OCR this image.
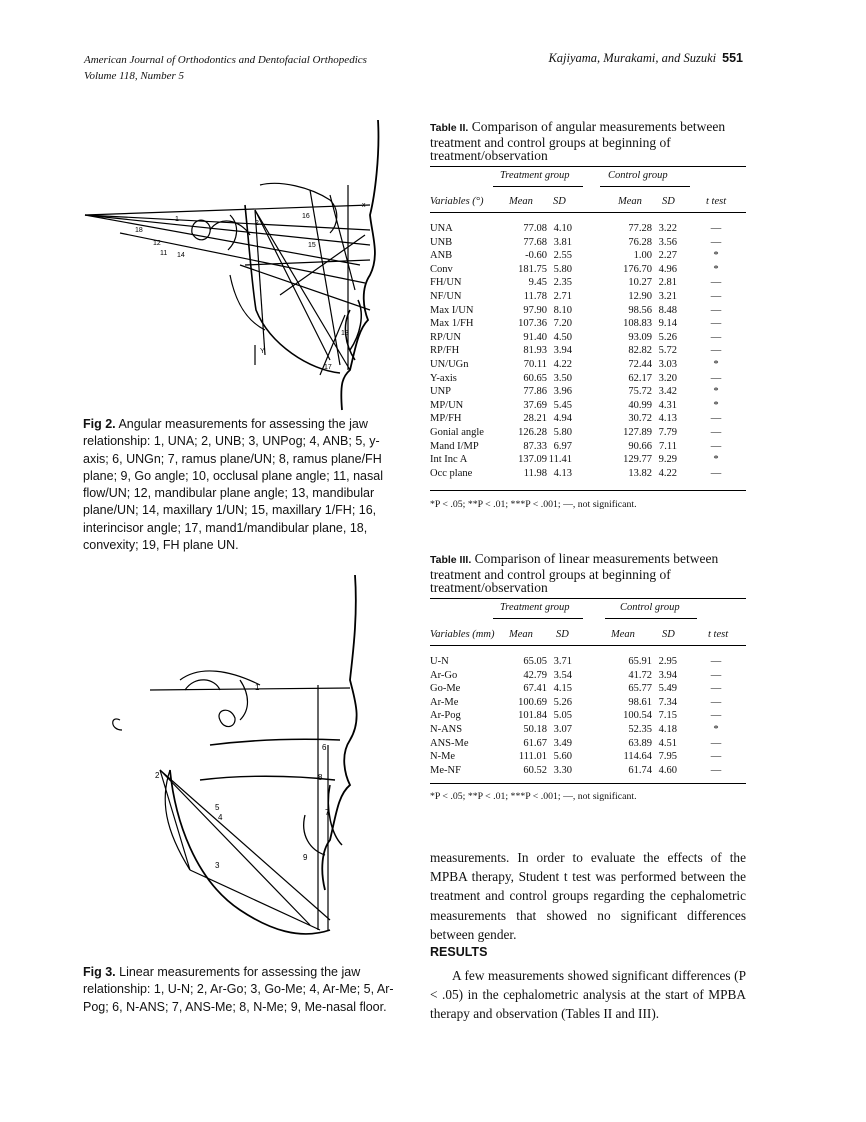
American Journal of Orthodontics and Dentofacial Orthopedics
Volume 118, Number 5
Kajiyama, Murakami, and Suzuki 551
x
16
18
12
11 14
15
13
17
Y
1
2
Fig 2. Angular measurements for assessing the jaw relationship: 1, UNA; 2, UNB; 3, UNPog; 4, ANB; 5, y-axis; 6, UNGn; 7, ramus plane/UN; 8, ramus plane/FH plane; 9, Go angle; 10, occlusal plane angle; 11, nasal flow/UN; 12, mandibular plane angle; 13, mandibular plane/UN; 14, maxillary 1/UN; 15, maxillary 1/FH; 16, interincisor angle; 17, mand1/mandibular plane, 18, convexity; 19, FH plane UN.
1
2
3
4
5
6
7
8
9
Fig 3. Linear measurements for assessing the jaw relationship: 1, U-N; 2, Ar-Go; 3, Go-Me; 4, Ar-Me; 5, Ar-Pog; 6, N-ANS; 7, ANS-Me; 8, N-Me; 9, Me-nasal floor.
Table II. Comparison of angular measurements between treatment and control groups at beginning of treatment/observation
Treatment group	Control group
Variables (°) Mean SD	Mean SD	t test
UNA	77.08 4.10	77.28 3.22	—
UNB	77.68 3.81	76.28 3.56	—
ANB	-0.60 2.55	1.00 2.27	*
Conv	181.75 5.80	176.70 4.96	*
FH/UN	9.45 2.35	10.27 2.81	—
NF/UN	11.78 2.71	12.90 3.21	—
Max I/UN	97.90 8.10	98.56 8.48	—
Max 1/FH	107.36 7.20	108.83 9.14	—
RP/UN	91.40 4.50	93.09 5.26	—
RP/FH	81.93 3.94	82.82 5.72	—
UN/UGn	70.11 4.22	72.44 3.03	*
Y-axis	60.65 3.50	62.17 3.20	—
UNP	77.86 3.96	75.72 3.42	*
MP/UN	37.69 5.45	40.99 4.31	*
MP/FH	28.21 4.94	30.72 4.13	—
Gonial angle	126.28 5.80	127.89 7.79	—
Mand I/MP	87.33 6.97	90.66 7.11	—
Int Inc A	137.09 11.41	129.77 9.29	*
Occ plane	11.98 4.13	13.82 4.22	—
*P < .05; **P < .01; ***P < .001; —, not significant.
Table III. Comparison of linear measurements between treatment and control groups at beginning of treatment/observation
Treatment group	Control group
Variables (mm) Mean SD	Mean	SD	t test
U-N	65.05 3.71	65.91 2.95	—
Ar-Go	42.79 3.54	41.72 3.94	—
Go-Me	67.41 4.15	65.77 5.49	—
Ar-Me	100.69 5.26	98.61 7.34	—
Ar-Pog	101.84 5.05	100.54 7.15	—
N-ANS	50.18 3.07	52.35 4.18	*
ANS-Me	61.67 3.49	63.89 4.51	—
N-Me	111.01 5.60	114.64 7.95	—
Me-NF	60.52 3.30	61.74 4.60	—
*P < .05; **P < .01; ***P < .001; —, not significant.
measurements. In order to evaluate the effects of the MPBA therapy, Student t test was performed between the treatment and control groups regarding the cephalometric measurements that showed no significant differences between gender.
RESULTS
A few measurements showed significant differences (P < .05) in the cephalometric analysis at the start of MPBA therapy and observation (Tables II and III).
